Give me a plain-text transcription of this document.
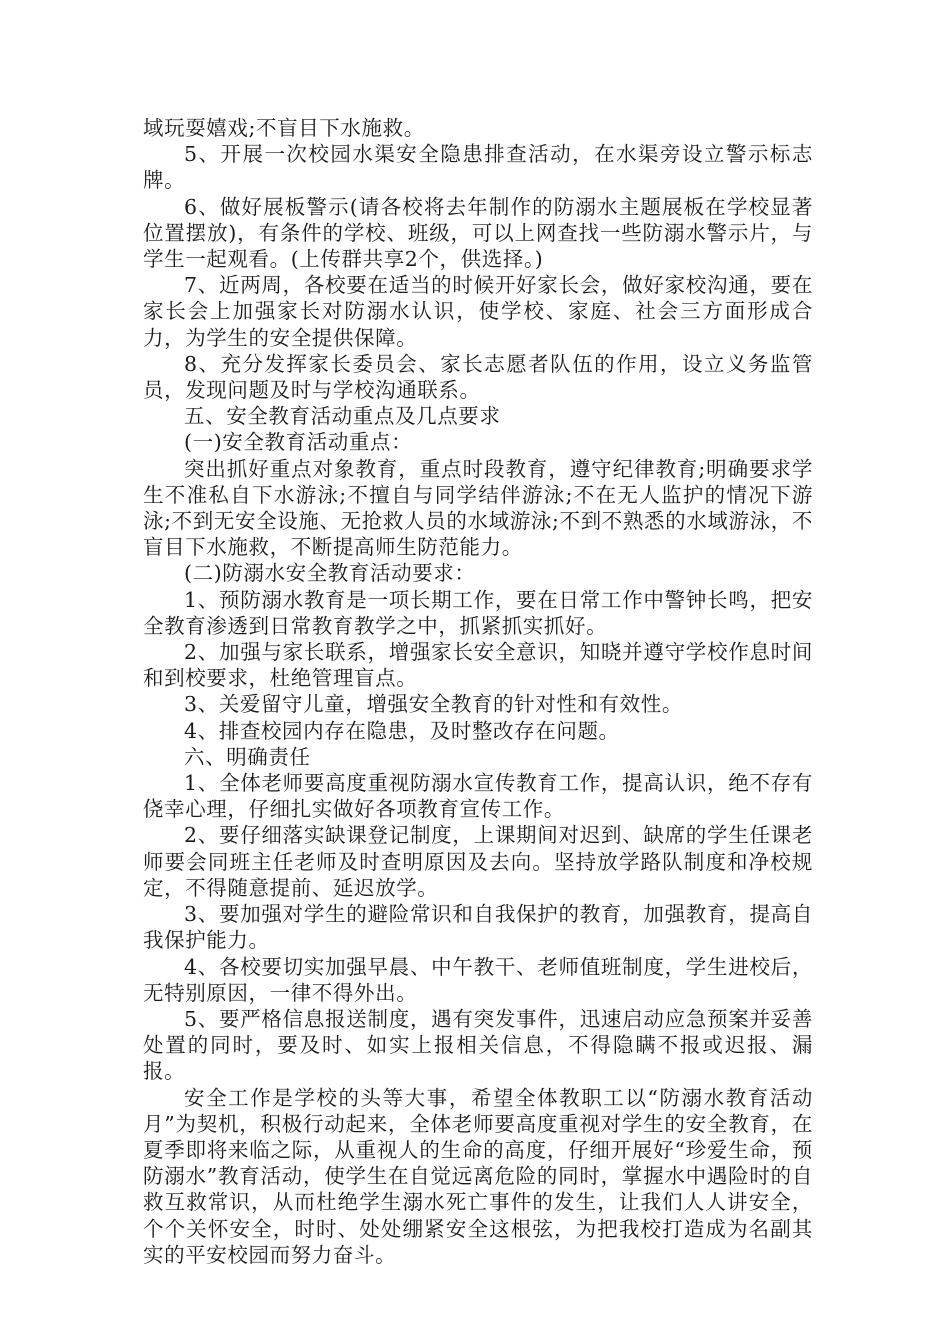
域玩耍嬉戏;不盲目下水施救。

5、开展一次校园水渠安全隐患排查活动，在水渠旁设立警示标志牌。

6、做好展板警示(请各校将去年制作的防溺水主题展板在学校显著位置摆放)，有条件的学校、班级，可以上网查找一些防溺水警示片，与学生一起观看。(上传群共享2个，供选择。)

7、近两周，各校要在适当的时候开好家长会，做好家校沟通，要在家长会上加强家长对防溺水认识，使学校、家庭、社会三方面形成合力，为学生的安全提供保障。

8、充分发挥家长委员会、家长志愿者队伍的作用，设立义务监管员，发现问题及时与学校沟通联系。

五、安全教育活动重点及几点要求

(一)安全教育活动重点：

突出抓好重点对象教育，重点时段教育，遵守纪律教育;明确要求学生不准私自下水游泳;不擅自与同学结伴游泳;不在无人监护的情况下游泳;不到无安全设施、无抢救人员的水域游泳;不到不熟悉的水域游泳，不盲目下水施救，不断提高师生防范能力。

(二)防溺水安全教育活动要求：

1、预防溺水教育是一项长期工作，要在日常工作中警钟长鸣，把安全教育渗透到日常教育教学之中，抓紧抓实抓好。

2、加强与家长联系，增强家长安全意识，知晓并遵守学校作息时间和到校要求，杜绝管理盲点。

3、关爱留守儿童，增强安全教育的针对性和有效性。

4、排查校园内存在隐患，及时整改存在问题。

六、明确责任

1、全体老师要高度重视防溺水宣传教育工作，提高认识，绝不存有侥幸心理，仔细扎实做好各项教育宣传工作。

2、要仔细落实缺课登记制度，上课期间对迟到、缺席的学生任课老师要会同班主任老师及时查明原因及去向。坚持放学路队制度和净校规定，不得随意提前、延迟放学。

3、要加强对学生的避险常识和自我保护的教育，加强教育，提高自我保护能力。

4、各校要切实加强早晨、中午教干、老师值班制度，学生进校后，无特别原因，一律不得外出。

5、要严格信息报送制度，遇有突发事件，迅速启动应急预案并妥善处置的同时，要及时、如实上报相关信息，不得隐瞒不报或迟报、漏报。

安全工作是学校的头等大事，希望全体教职工以“防溺水教育活动月”为契机，积极行动起来，全体老师要高度重视对学生的安全教育，在夏季即将来临之际，从重视人的生命的高度，仔细开展好“珍爱生命，预防溺水”教育活动，使学生在自觉远离危险的同时，掌握水中遇险时的自救互救常识，从而杜绝学生溺水死亡事件的发生，让我们人人讲安全，个个关怀安全，时时、处处绷紧安全这根弦，为把我校打造成为名副其实的平安校园而努力奋斗。
